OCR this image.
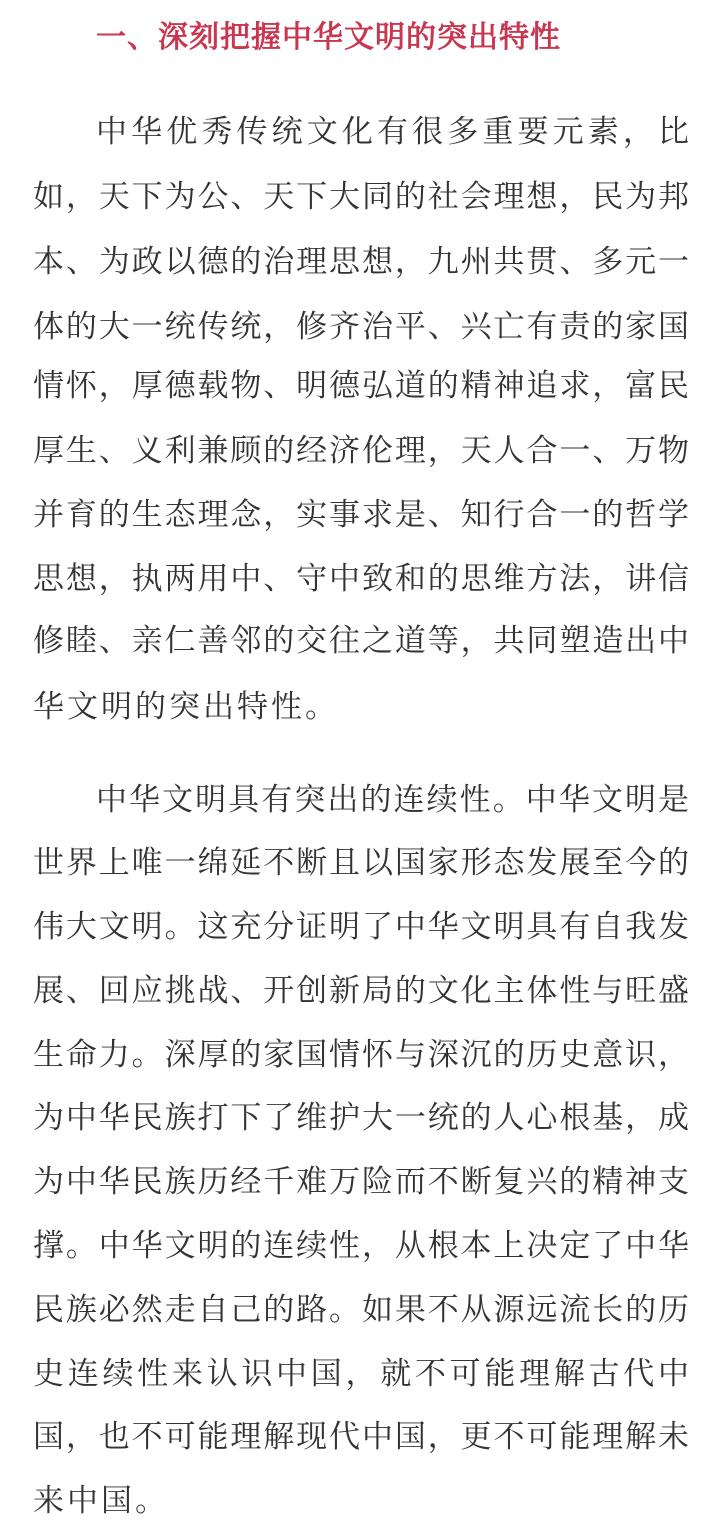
一、深刻把握中华文明的突出特性
中华优秀传统文化有很多重要元素，比
如，天下为公、天下大同的社会理想，民为邦
本、为政以德的治理思想，九州共贯、多元一
体的大一统传统，修齐治平、兴亡有责的家国
情怀，厚德载物、明德弘道的精神追求，富民
厚生、义利兼顾的经济伦理，天人合一、万物
并育的生态理念，实事求是、知行合一的哲学
思想，执两用中、守中致和的思维方法，讲信
修睦、亲仁善邻的交往之道等，共同塑造出中
华文明的突出特性。
中华文明具有突出的连续性。中华文明是
世界上唯一绵延不断且以国家形态发展至今的
伟大文明。这充分证明了中华文明具有自我发
展、回应挑战、开创新局的文化主体性与旺盛
生命力。深厚的家国情怀与深沉的历史意识，
为中华民族打下了维护大一统的人心根基，成
为中华民族历经千难万险而不断复兴的精神支
撑。中华文明的连续性，从根本上决定了中华
民族必然走自己的路。如果不从源远流长的历
史连续性来认识中国，就不可能理解古代中
国，也不可能理解现代中国，更不可能理解未
来中国。
